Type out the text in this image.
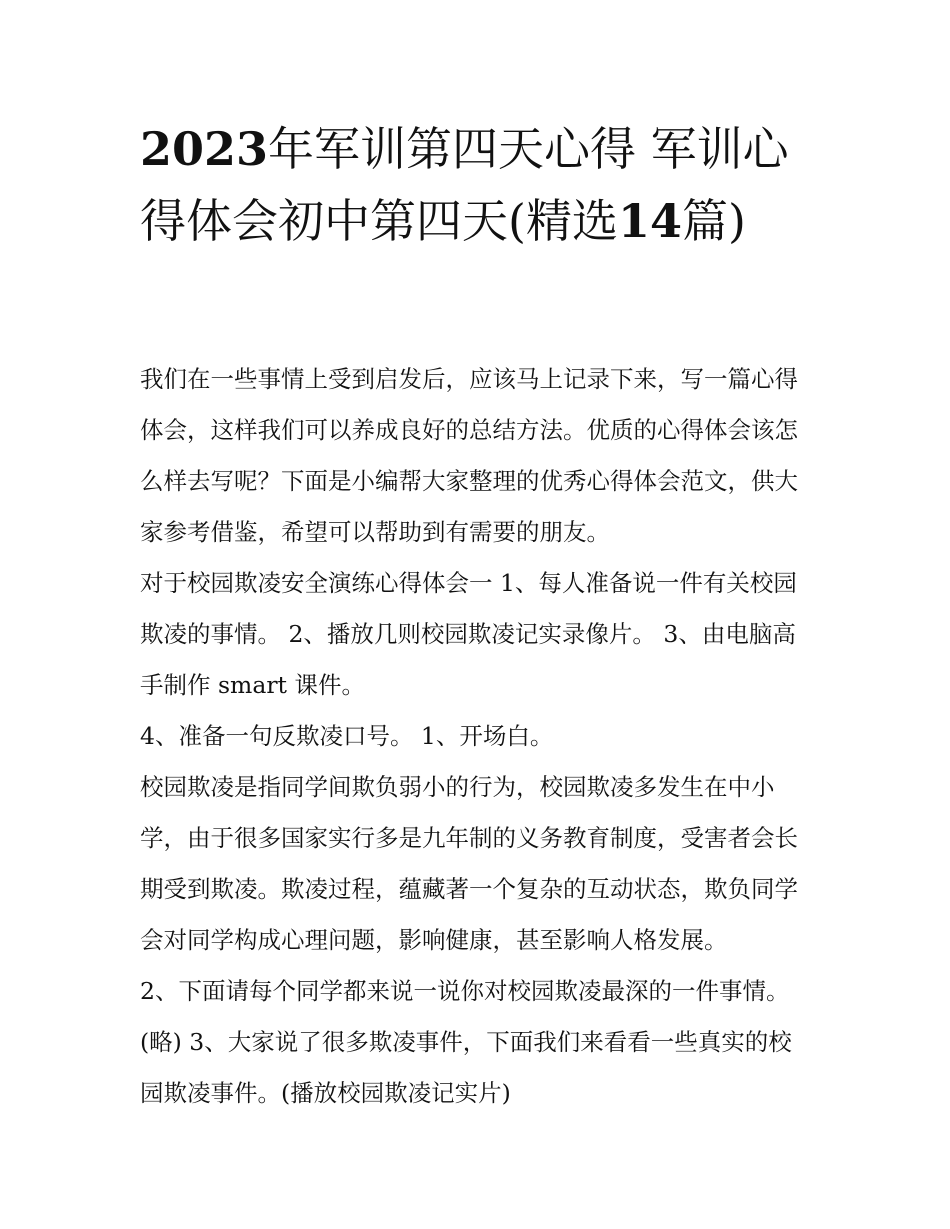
2023年军训第四天心得 军训心得体会初中第四天(精选14篇)

我们在一些事情上受到启发后，应该马上记录下来，写一篇心得体会，这样我们可以养成良好的总结方法。优质的心得体会该怎么样去写呢？下面是小编帮大家整理的优秀心得体会范文，供大家参考借鉴，希望可以帮助到有需要的朋友。

对于校园欺凌安全演练心得体会一 1、每人准备说一件有关校园欺凌的事情。 2、播放几则校园欺凌记实录像片。 3、由电脑高手制作 smart 课件。

4、准备一句反欺凌口号。 1、开场白。

校园欺凌是指同学间欺负弱小的行为，校园欺凌多发生在中小学，由于很多国家实行多是九年制的义务教育制度，受害者会长期受到欺凌。欺凌过程，蕴藏著一个复杂的互动状态，欺负同学会对同学构成心理问题，影响健康，甚至影响人格发展。

2、下面请每个同学都来说一说你对校园欺凌最深的一件事情。(略) 3、大家说了很多欺凌事件，下面我们来看看一些真实的校园欺凌事件。(播放校园欺凌记实片)
